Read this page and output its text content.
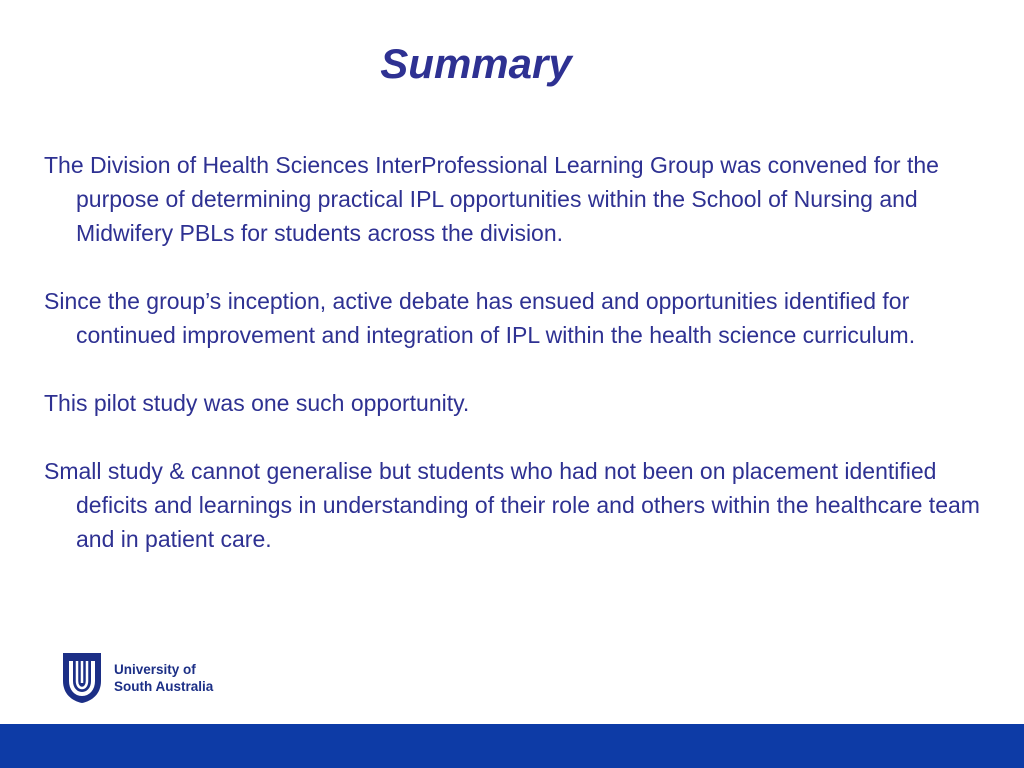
Summary

The Division of Health Sciences InterProfessional Learning Group was convened for the purpose of determining practical IPL opportunities within the School of Nursing and Midwifery PBLs for students across the division.

Since the group’s inception, active debate has ensued and opportunities identified for continued improvement and integration of IPL within the health science curriculum.

This pilot study was one such opportunity.

Small study & cannot generalise but students who had not been on placement identified deficits and learnings in understanding of their role and others within the healthcare team and in patient care.

University of
South Australia
